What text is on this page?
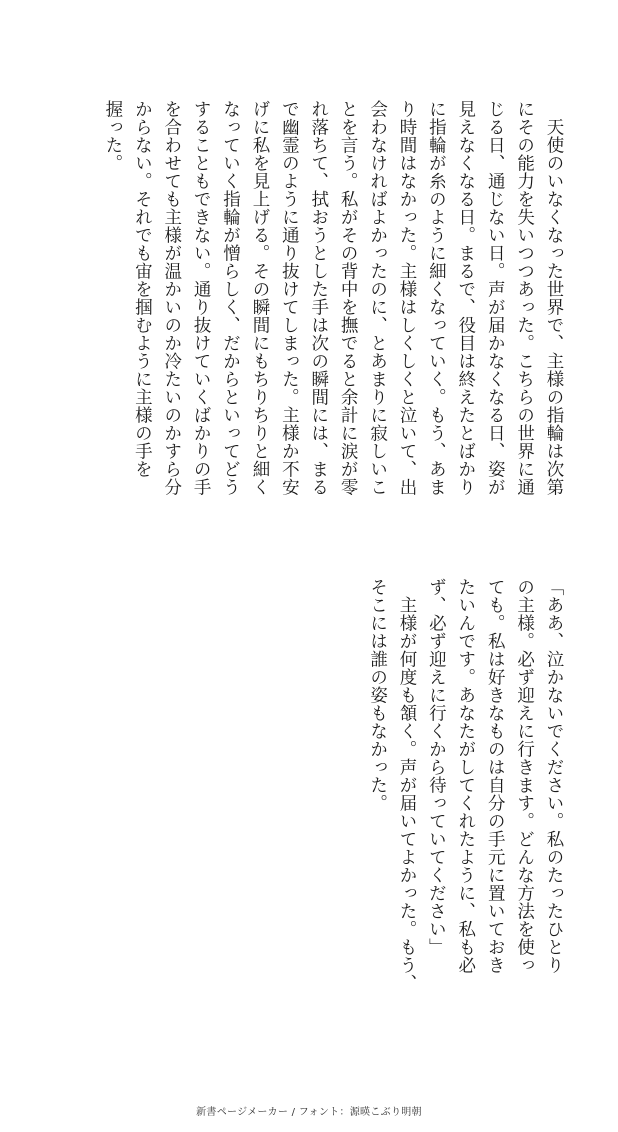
　天使のいなくなった世界で、主様の指輪は次第
にその能力を失いつつあった。こちらの世界に通
じる日、通じない日。声が届かなくなる日、姿が
見えなくなる日。まるで、役目は終えたとばかり
に指輪が糸のように細くなっていく。もう、あま
り時間はなかった。主様はしくしくと泣いて、出
会わなければよかったのに、とあまりに寂しいこ
とを言う。私がその背中を撫でると余計に涙が零
れ落ちて、拭おうとした手は次の瞬間には、まる
で幽霊のように通り抜けてしまった。主様か不安
げに私を見上げる。その瞬間にもちりちりと細く
なっていく指輪が憎らしく、だからといってどう
することもできない。通り抜けていくばかりの手
を合わせても主様が温かいのか冷たいのかすら分
からない。それでも宙を掴むように主様の手を
握った。
「ああ、泣かないでください。私のたったひとり
の主様。必ず迎えに行きます。どんな方法を使っ
ても。私は好きなものは自分の手元に置いておき
たいんです。あなたがしてくれたように、私も必
ず、必ず迎えに行くから待っていてください」
　主様が何度も頷く。声が届いてよかった。もう、
そこには誰の姿もなかった。
新書ページメーカー / フォント：源暎こぶり明朝
